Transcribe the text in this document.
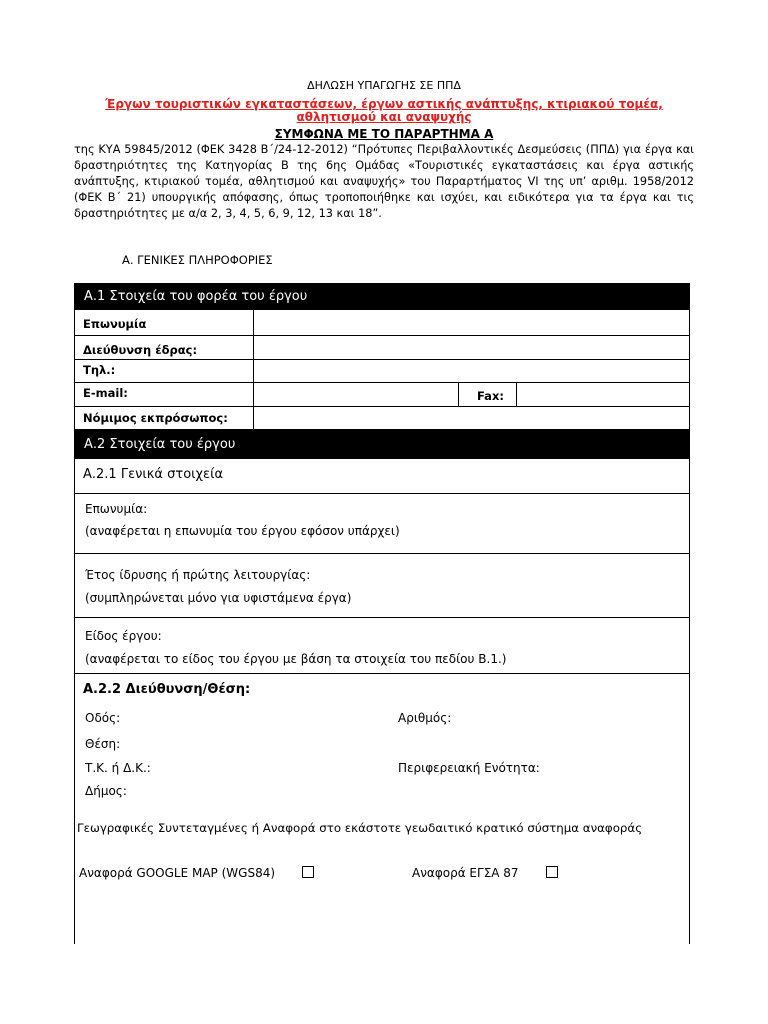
ΔΗΛΩΣΗ ΥΠΑΓΩΓΗΣ ΣΕ ΠΠΔ
Έργων τουριστικών εγκαταστάσεων, έργων αστικής ανάπτυξης, κτιριακού τομέα, αθλητισμού και αναψυχής
ΣΥΜΦΩΝΑ ΜΕ ΤΟ ΠΑΡΑΡΤΗΜΑ Α

της ΚΥΑ 59845/2012 (ΦΕΚ 3428 Β΄/24-12-2012) “Πρότυπες Περιβαλλοντικές Δεσμεύσεις (ΠΠΔ) για έργα και δραστηριότητες της Κατηγορίας Β της 6ης Ομάδας «Τουριστικές εγκαταστάσεις και έργα αστικής ανάπτυξης, κτιριακού τομέα, αθλητισμού και αναψυχής» του Παραρτήματος VI της υπ’ αριθμ. 1958/2012 (ΦΕΚ Β΄ 21) υπουργικής απόφασης, όπως τροποποιήθηκε και ισχύει, και ειδικότερα για τα έργα και τις δραστηριότητες με α/α 2, 3, 4, 5, 6, 9, 12, 13 και 18”.

Α. ΓΕΝΙΚΕΣ ΠΛΗΡΟΦΟΡΙΕΣ
Α.1 Στοιχεία του φορέα του έργου
Επωνυμία
Διεύθυνση έδρας:
Τηλ.:
E-mail:	Fax:
Νόμιμος εκπρόσωπος:
Α.2 Στοιχεία του έργου
Α.2.1 Γενικά στοιχεία
Επωνυμία:
(αναφέρεται η επωνυμία του έργου εφόσον υπάρχει)
Έτος ίδρυσης ή πρώτης λειτουργίας:
(συμπληρώνεται μόνο για υφιστάμενα έργα)
Είδος έργου:
(αναφέρεται το είδος του έργου με βάση τα στοιχεία του πεδίου Β.1.)
Α.2.2 Διεύθυνση/Θέση:
Οδός:	Αριθμός:
Θέση:
Τ.Κ. ή Δ.Κ.:	Περιφερειακή Ενότητα:
Δήμος:
Γεωγραφικές Συντεταγμένες ή Αναφορά στο εκάστοτε γεωδαιτικό κρατικό σύστημα αναφοράς
Αναφορά GOOGLE MAP (WGS84)	Αναφορά ΕΓΣΑ 87
